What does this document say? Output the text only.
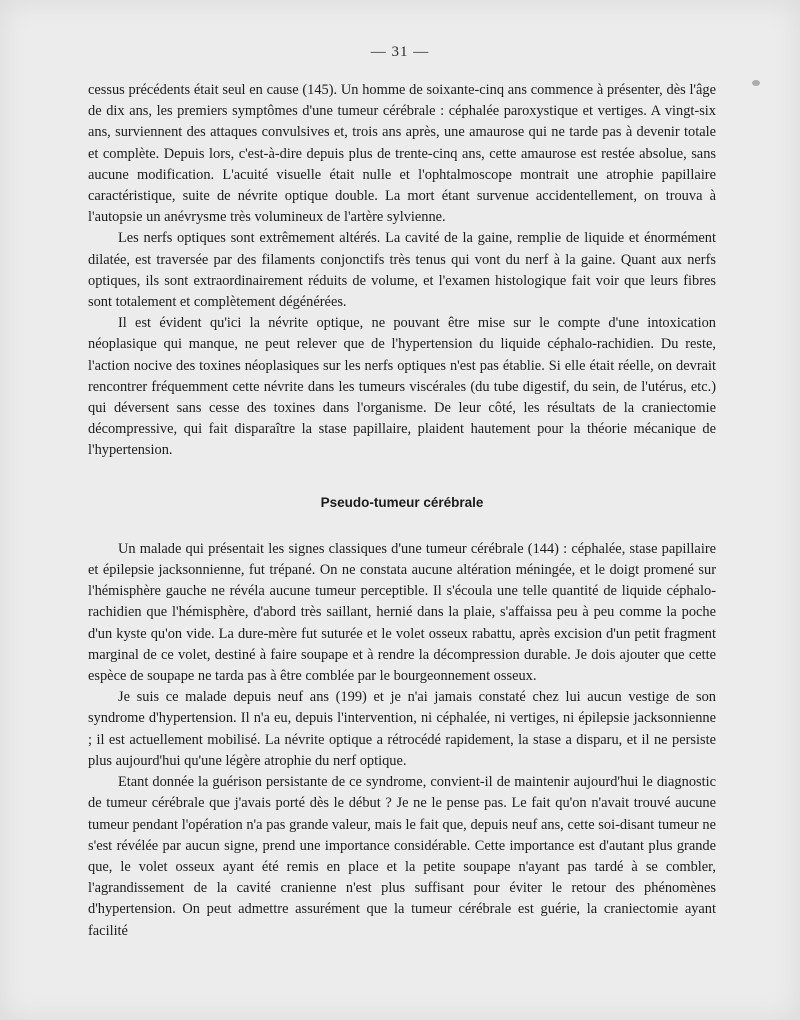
— 31 —

cessus précédents était seul en cause (145). Un homme de soixante-cinq ans commence à présenter, dès l'âge de dix ans, les premiers symptômes d'une tumeur cérébrale : céphalée paroxystique et vertiges. A vingt-six ans, surviennent des attaques convulsives et, trois ans après, une amaurose qui ne tarde pas à devenir totale et complète. Depuis lors, c'est-à-dire depuis plus de trente-cinq ans, cette amaurose est restée absolue, sans aucune modification. L'acuité visuelle était nulle et l'ophtalmoscope montrait une atrophie papillaire caractéristique, suite de névrite optique double. La mort étant survenue accidentellement, on trouva à l'autopsie un anévrysme très volumineux de l'artère sylvienne.

Les nerfs optiques sont extrêmement altérés. La cavité de la gaine, remplie de liquide et énormément dilatée, est traversée par des filaments conjonctifs très tenus qui vont du nerf à la gaine. Quant aux nerfs optiques, ils sont extraordinairement réduits de volume, et l'examen histologique fait voir que leurs fibres sont totalement et complètement dégénérées.

Il est évident qu'ici la névrite optique, ne pouvant être mise sur le compte d'une intoxication néoplasique qui manque, ne peut relever que de l'hypertension du liquide céphalo-rachidien. Du reste, l'action nocive des toxines néoplasiques sur les nerfs optiques n'est pas établie. Si elle était réelle, on devrait rencontrer fréquemment cette névrite dans les tumeurs viscérales (du tube digestif, du sein, de l'utérus, etc.) qui déversent sans cesse des toxines dans l'organisme. De leur côté, les résultats de la craniectomie décompressive, qui fait disparaître la stase papillaire, plaident hautement pour la théorie mécanique de l'hypertension.

Pseudo-tumeur cérébrale

Un malade qui présentait les signes classiques d'une tumeur cérébrale (144) : céphalée, stase papillaire et épilepsie jacksonnienne, fut trépané. On ne constata aucune altération méningée, et le doigt promené sur l'hémisphère gauche ne révéla aucune tumeur perceptible. Il s'écoula une telle quantité de liquide céphalo-rachidien que l'hémisphère, d'abord très saillant, hernié dans la plaie, s'affaissa peu à peu comme la poche d'un kyste qu'on vide. La dure-mère fut suturée et le volet osseux rabattu, après excision d'un petit fragment marginal de ce volet, destiné à faire soupape et à rendre la décompression durable. Je dois ajouter que cette espèce de soupape ne tarda pas à être comblée par le bourgeonnement osseux.

Je suis ce malade depuis neuf ans (199) et je n'ai jamais constaté chez lui aucun vestige de son syndrome d'hypertension. Il n'a eu, depuis l'intervention, ni céphalée, ni vertiges, ni épilepsie jacksonnienne ; il est actuellement mobilisé. La névrite optique a rétrocédé rapidement, la stase a disparu, et il ne persiste plus aujourd'hui qu'une légère atrophie du nerf optique.

Etant donnée la guérison persistante de ce syndrome, convient-il de maintenir aujourd'hui le diagnostic de tumeur cérébrale que j'avais porté dès le début ? Je ne le pense pas. Le fait qu'on n'avait trouvé aucune tumeur pendant l'opération n'a pas grande valeur, mais le fait que, depuis neuf ans, cette soi-disant tumeur ne s'est révélée par aucun signe, prend une importance considérable. Cette importance est d'autant plus grande que, le volet osseux ayant été remis en place et la petite soupape n'ayant pas tardé à se combler, l'agrandissement de la cavité cranienne n'est plus suffisant pour éviter le retour des phénomènes d'hypertension. On peut admettre assurément que la tumeur cérébrale est guérie, la craniectomie ayant facilité
